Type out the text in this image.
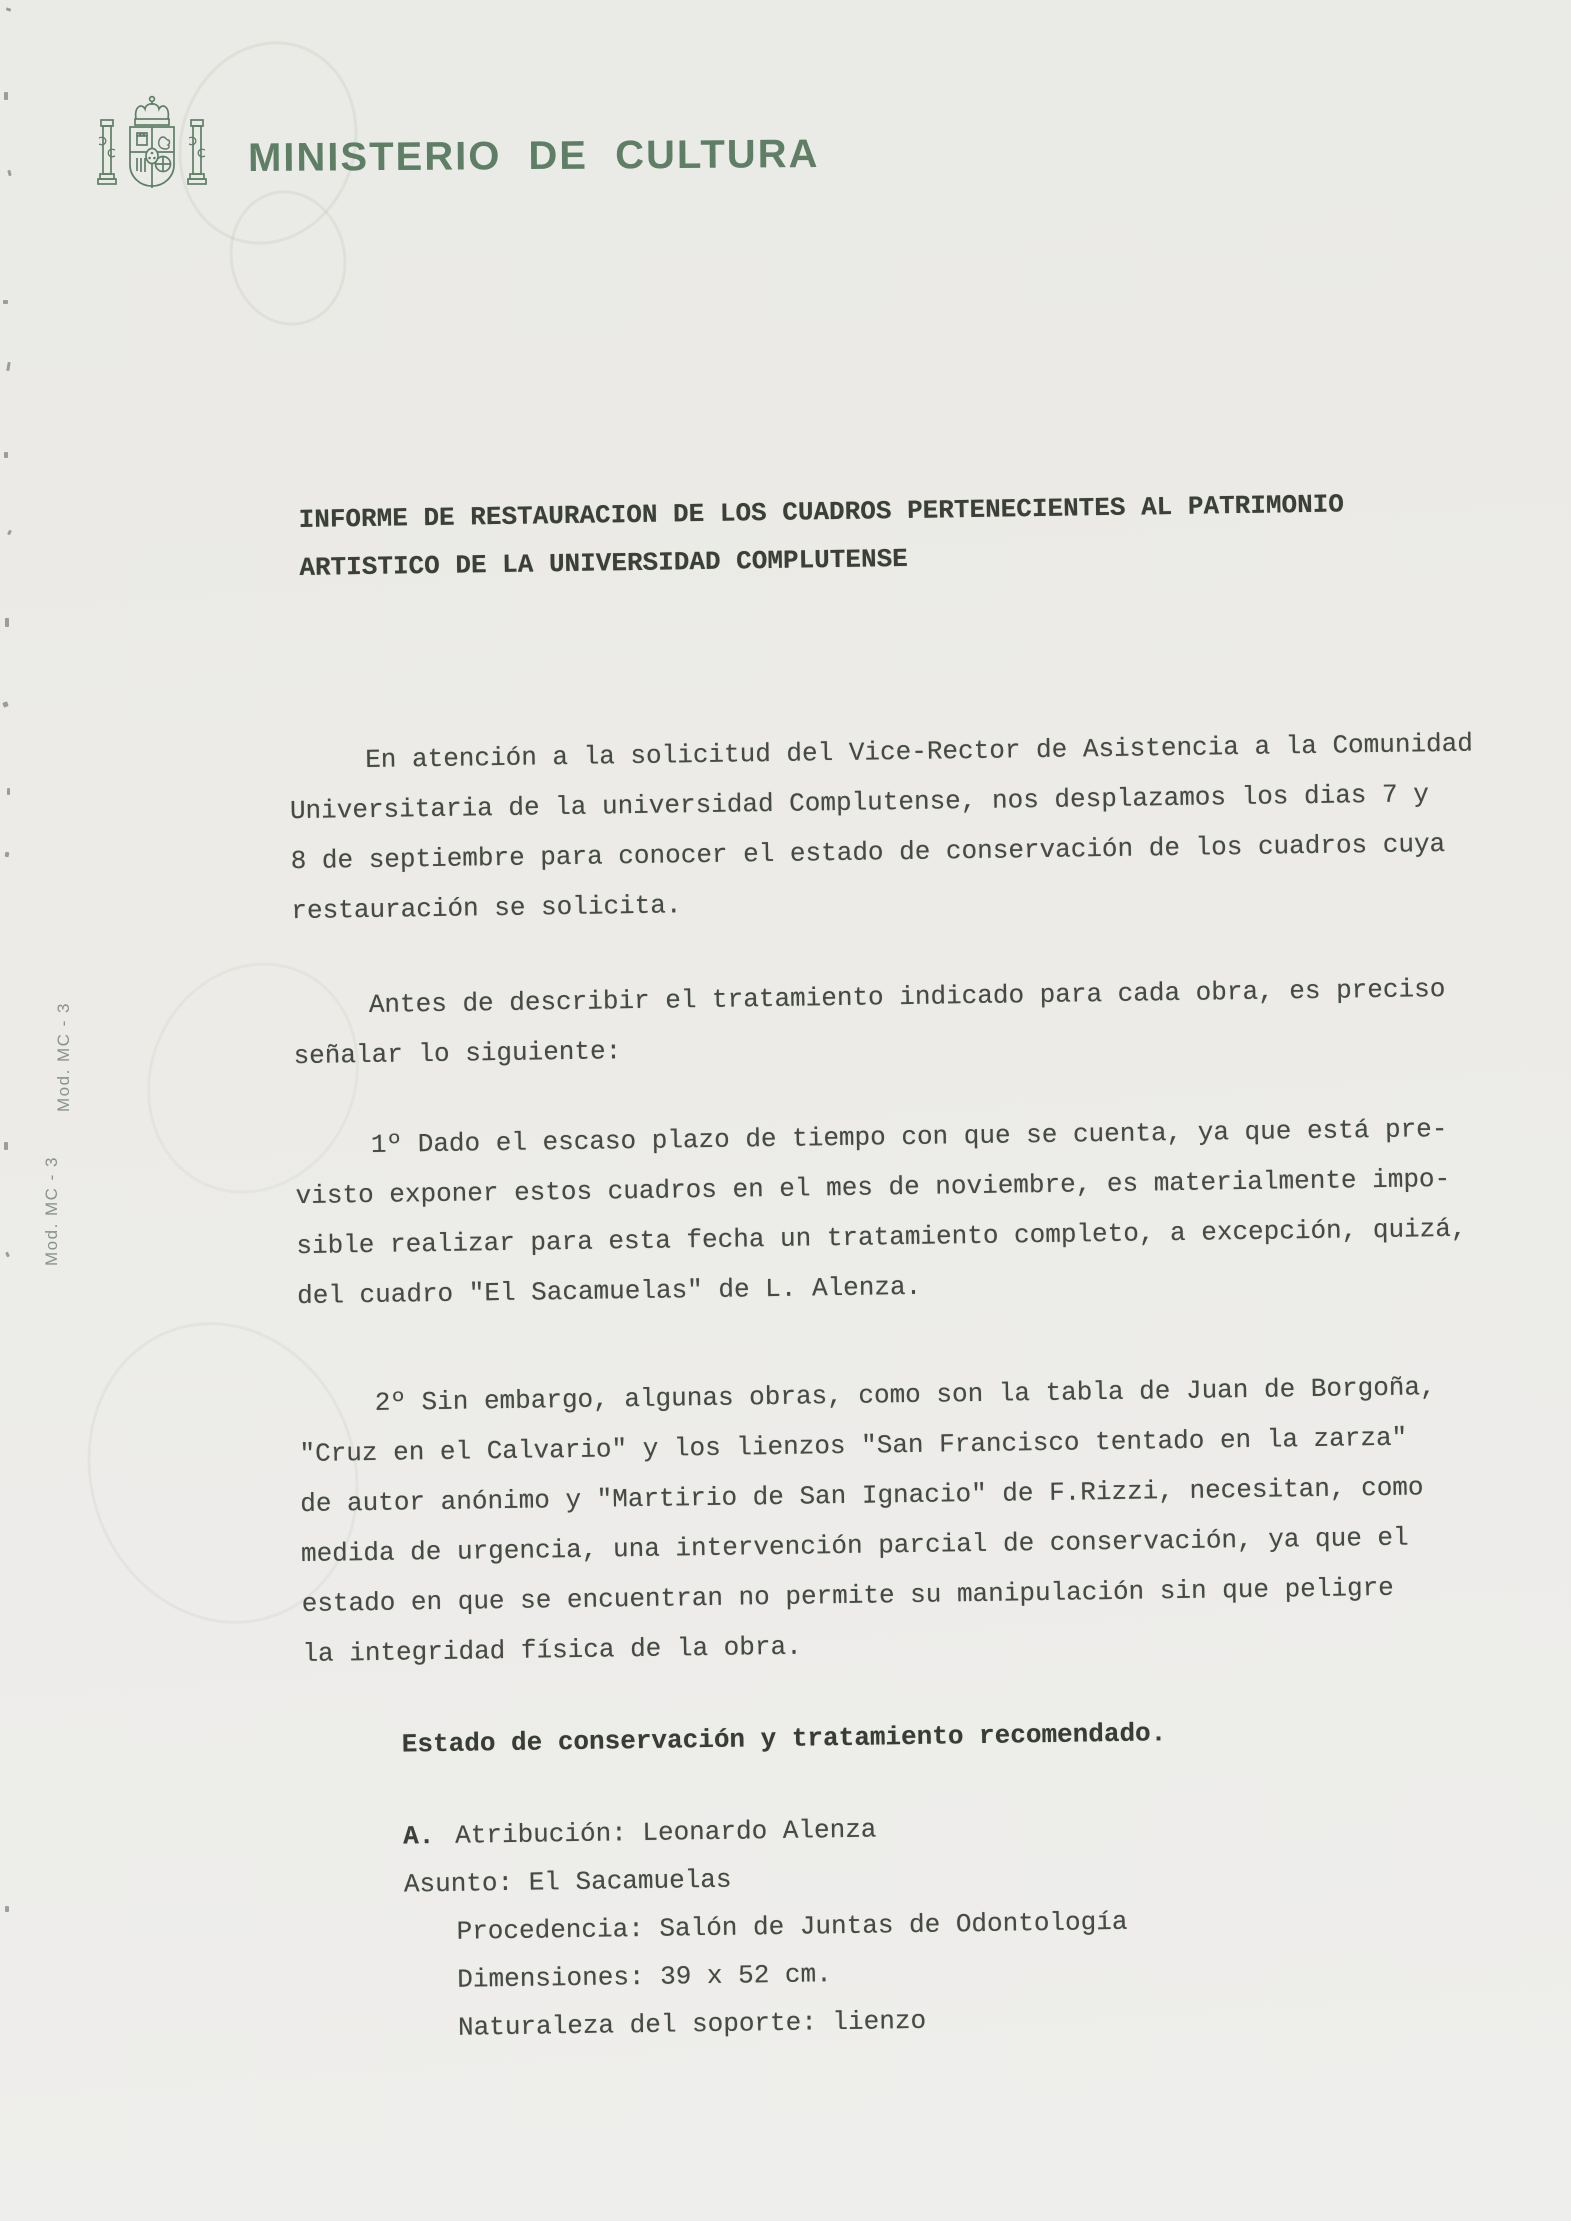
MINISTERIO DE CULTURA
Mod. MC - 3
Mod. MC - 3
INFORME DE RESTAURACION DE LOS CUADROS PERTENECIENTES AL PATRIMONIO
ARTISTICO DE LA UNIVERSIDAD COMPLUTENSE
En atención a la solicitud del Vice-Rector de Asistencia a la Comunidad
Universitaria de la universidad Complutense, nos desplazamos los dias 7 y
8 de septiembre para conocer el estado de conservación de los cuadros cuya
restauración se solicita.
Antes de describir el tratamiento indicado para cada obra, es preciso
señalar lo siguiente:
1º Dado el escaso plazo de tiempo con que se cuenta, ya que está pre-
visto exponer estos cuadros en el mes de noviembre, es materialmente impo-
sible realizar para esta fecha un tratamiento completo, a excepción, quizá,
del cuadro "El Sacamuelas" de L. Alenza.
2º Sin embargo, algunas obras, como son la tabla de Juan de Borgoña,
"Cruz en el Calvario" y los lienzos "San Francisco tentado en la zarza"
de autor anónimo y "Martirio de San Ignacio" de F.Rizzi, necesitan, como
medida de urgencia, una intervención parcial de conservación, ya que el
estado en que se encuentran no permite su manipulación sin que peligre
la integridad física de la obra.
Estado de conservación y tratamiento recomendado.
A. Atribución: Leonardo Alenza
Asunto: El Sacamuelas
Procedencia: Salón de Juntas de Odontología
Dimensiones: 39 x 52 cm.
Naturaleza del soporte: lienzo
